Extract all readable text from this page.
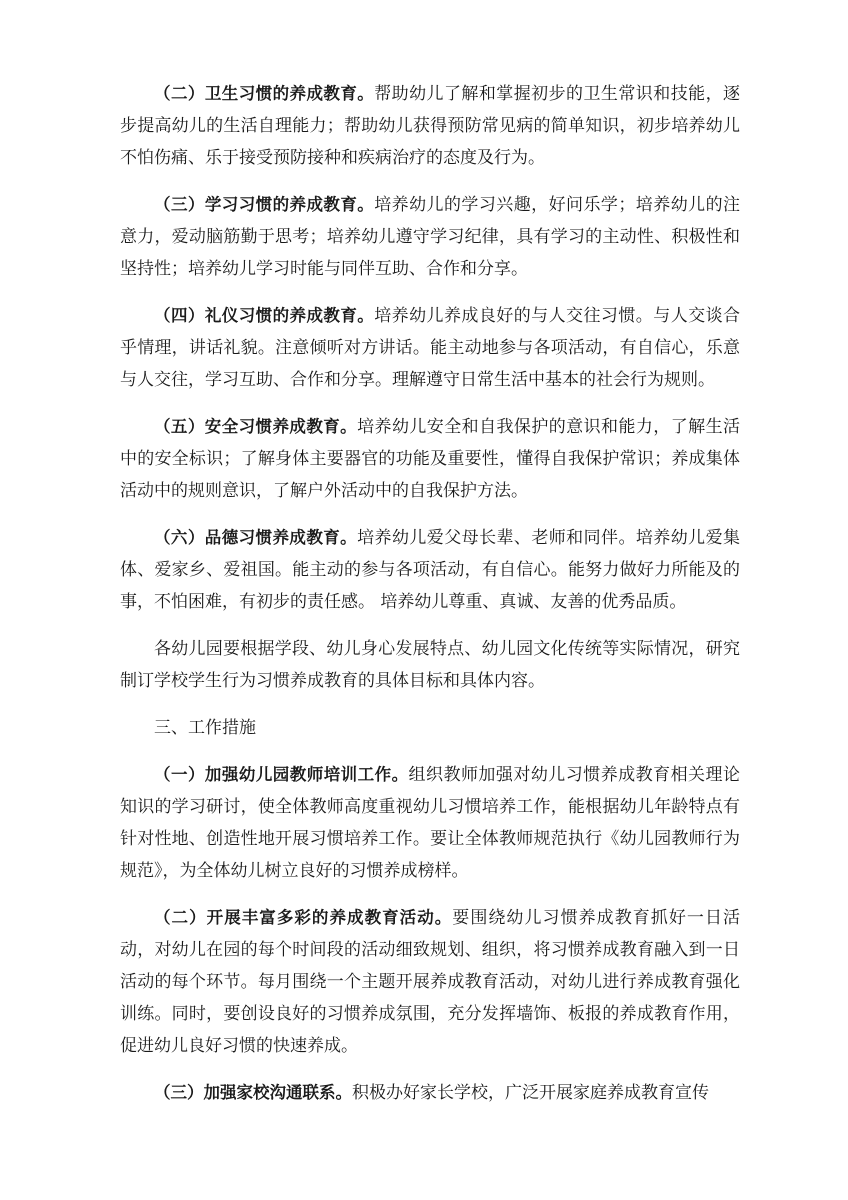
（二）卫生习惯的养成教育。帮助幼儿了解和掌握初步的卫生常识和技能，逐步提高幼儿的生活自理能力；帮助幼儿获得预防常见病的简单知识，初步培养幼儿不怕伤痛、乐于接受预防接种和疾病治疗的态度及行为。

（三）学习习惯的养成教育。培养幼儿的学习兴趣，好问乐学；培养幼儿的注意力，爱动脑筋勤于思考；培养幼儿遵守学习纪律，具有学习的主动性、积极性和坚持性；培养幼儿学习时能与同伴互助、合作和分享。

（四）礼仪习惯的养成教育。培养幼儿养成良好的与人交往习惯。与人交谈合乎情理，讲话礼貌。注意倾听对方讲话。能主动地参与各项活动，有自信心，乐意与人交往，学习互助、合作和分享。理解遵守日常生活中基本的社会行为规则。

（五）安全习惯养成教育。培养幼儿安全和自我保护的意识和能力，了解生活中的安全标识；了解身体主要器官的功能及重要性，懂得自我保护常识；养成集体活动中的规则意识，了解户外活动中的自我保护方法。

（六）品德习惯养成教育。培养幼儿爱父母长辈、老师和同伴。培养幼儿爱集体、爱家乡、爱祖国。能主动的参与各项活动，有自信心。能努力做好力所能及的事，不怕困难，有初步的责任感。 培养幼儿尊重、真诚、友善的优秀品质。

各幼儿园要根据学段、幼儿身心发展特点、幼儿园文化传统等实际情况，研究制订学校学生行为习惯养成教育的具体目标和具体内容。

三、工作措施

（一）加强幼儿园教师培训工作。组织教师加强对幼儿习惯养成教育相关理论知识的学习研讨，使全体教师高度重视幼儿习惯培养工作，能根据幼儿年龄特点有针对性地、创造性地开展习惯培养工作。要让全体教师规范执行《幼儿园教师行为规范》，为全体幼儿树立良好的习惯养成榜样。

（二）开展丰富多彩的养成教育活动。要围绕幼儿习惯养成教育抓好一日活动，对幼儿在园的每个时间段的活动细致规划、组织，将习惯养成教育融入到一日活动的每个环节。每月围绕一个主题开展养成教育活动，对幼儿进行养成教育强化训练。同时，要创设良好的习惯养成氛围，充分发挥墙饰、板报的养成教育作用，促进幼儿良好习惯的快速养成。

（三）加强家校沟通联系。积极办好家长学校，广泛开展家庭养成教育宣传
